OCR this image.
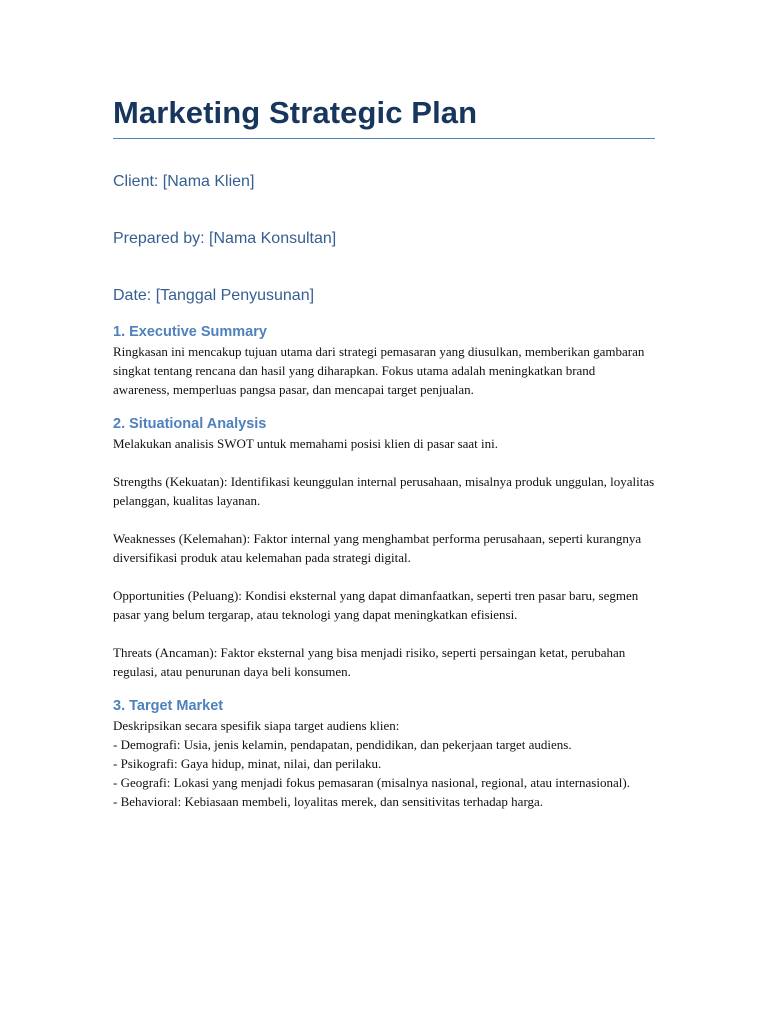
Marketing Strategic Plan

Client: [Nama Klien]

Prepared by: [Nama Konsultan]

Date: [Tanggal Penyusunan]

1. Executive Summary

Ringkasan ini mencakup tujuan utama dari strategi pemasaran yang diusulkan, memberikan gambaran singkat tentang rencana dan hasil yang diharapkan. Fokus utama adalah meningkatkan brand awareness, memperluas pangsa pasar, dan mencapai target penjualan.

2. Situational Analysis

Melakukan analisis SWOT untuk memahami posisi klien di pasar saat ini.

Strengths (Kekuatan): Identifikasi keunggulan internal perusahaan, misalnya produk unggulan, loyalitas pelanggan, kualitas layanan.

Weaknesses (Kelemahan): Faktor internal yang menghambat performa perusahaan, seperti kurangnya diversifikasi produk atau kelemahan pada strategi digital.

Opportunities (Peluang): Kondisi eksternal yang dapat dimanfaatkan, seperti tren pasar baru, segmen pasar yang belum tergarap, atau teknologi yang dapat meningkatkan efisiensi.

Threats (Ancaman): Faktor eksternal yang bisa menjadi risiko, seperti persaingan ketat, perubahan regulasi, atau penurunan daya beli konsumen.

3. Target Market
Deskripsikan secara spesifik siapa target audiens klien:
- Demografi: Usia, jenis kelamin, pendapatan, pendidikan, dan pekerjaan target audiens.
- Psikografi: Gaya hidup, minat, nilai, dan perilaku.
- Geografi: Lokasi yang menjadi fokus pemasaran (misalnya nasional, regional, atau internasional).
- Behavioral: Kebiasaan membeli, loyalitas merek, dan sensitivitas terhadap harga.
